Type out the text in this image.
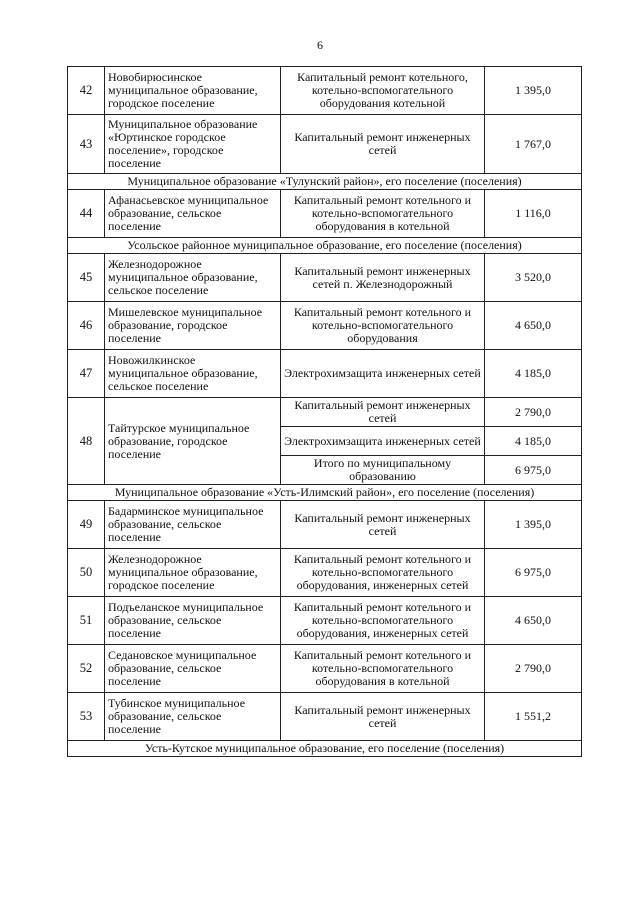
6
42	Новобирюсинское муниципальное образование, городское поселение	Капитальный ремонт котельного, котельно-вспомогательного оборудования котельной	1 395,0
43	Муниципальное образование «Юртинское городское поселение», городское поселение	Капитальный ремонт инженерных сетей	1 767,0
Муниципальное образование «Тулунский район», его поселение (поселения)			
44	Афанасьевское муниципальное образование, сельское поселение	Капитальный ремонт котельного и котельно-вспомогательного оборудования в котельной	1 116,0
Усольское районное муниципальное образование, его поселение (поселения)			
45	Железнодорожное муниципальное образование, сельское поселение	Капитальный ремонт инженерных сетей п. Железнодорожный	3 520,0
46	Мишелевское муниципальное образование, городское поселение	Капитальный ремонт котельного и котельно-вспомогательного оборудования	4 650,0
47	Новожилкинское муниципальное образование, сельское поселение	Электрохимзащита инженерных сетей	4 185,0
48	Тайтурское муниципальное образование, городское поселение	Капитальный ремонт инженерных сетей	2 790,0
		Электрохимзащита инженерных сетей	4 185,0
		Итого по муниципальному образованию	6 975,0
Муниципальное образование «Усть-Илимский район», его поселение (поселения)			
49	Бадарминское муниципальное образование, сельское поселение	Капитальный ремонт инженерных сетей	1 395,0
50	Железнодорожное муниципальное образование, городское поселение	Капитальный ремонт котельного и котельно-вспомогательного оборудования, инженерных сетей	6 975,0
51	Подъеланское муниципальное образование, сельское поселение	Капитальный ремонт котельного и котельно-вспомогательного оборудования, инженерных сетей	4 650,0
52	Седановское муниципальное образование, сельское поселение	Капитальный ремонт котельного и котельно-вспомогательного оборудования в котельной	2 790,0
53	Тубинское муниципальное образование, сельское поселение	Капитальный ремонт инженерных сетей	1 551,2
Усть-Кутское муниципальное образование, его поселение (поселения)			
